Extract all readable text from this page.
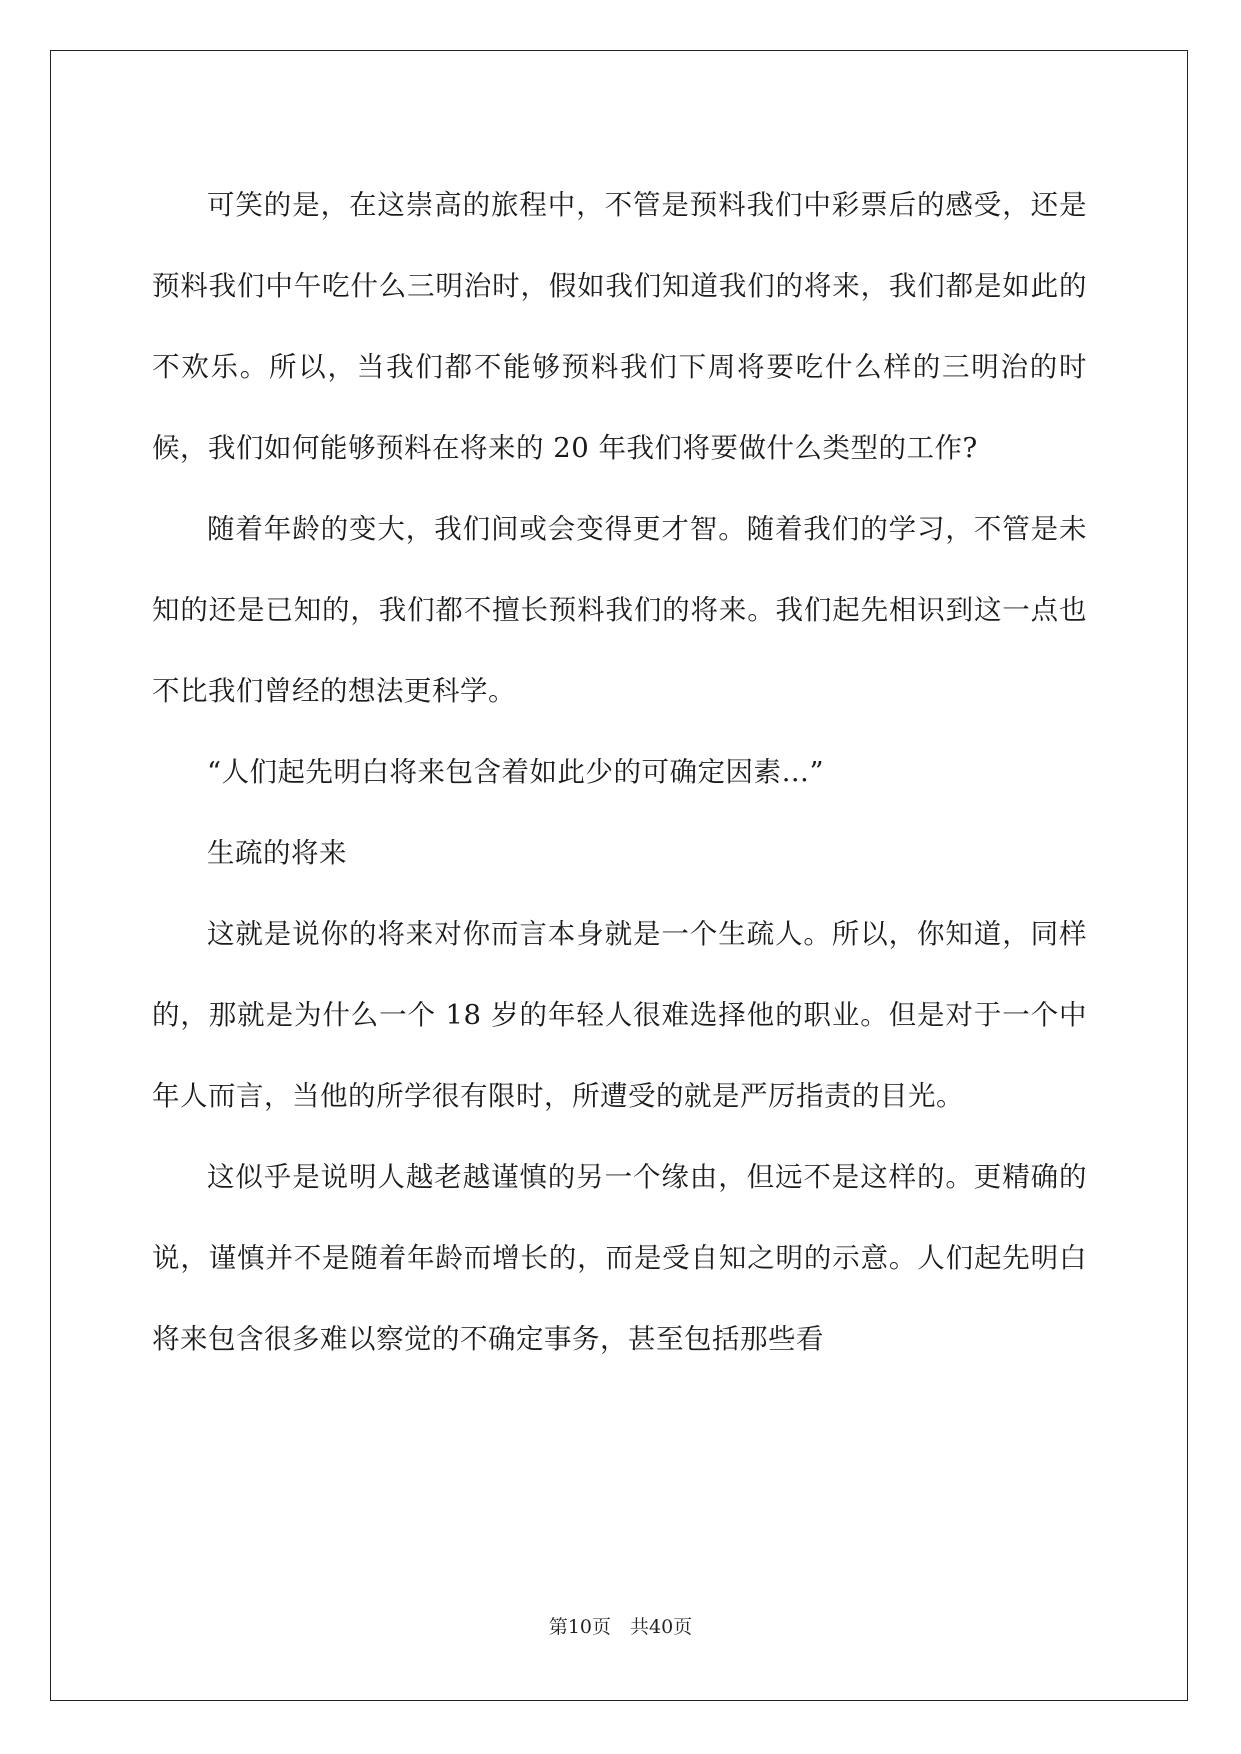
可笑的是，在这崇高的旅程中，不管是预料我们中彩票后的感受，还是预料我们中午吃什么三明治时，假如我们知道我们的将来，我们都是如此的不欢乐。所以，当我们都不能够预料我们下周将要吃什么样的三明治的时候，我们如何能够预料在将来的 20 年我们将要做什么类型的工作?

随着年龄的变大，我们间或会变得更才智。随着我们的学习，不管是未知的还是已知的，我们都不擅长预料我们的将来。我们起先相识到这一点也不比我们曾经的想法更科学。

“人们起先明白将来包含着如此少的可确定因素…”

生疏的将来

这就是说你的将来对你而言本身就是一个生疏人。所以，你知道，同样的，那就是为什么一个 18 岁的年轻人很难选择他的职业。但是对于一个中年人而言，当他的所学很有限时，所遭受的就是严厉指责的目光。

这似乎是说明人越老越谨慎的另一个缘由，但远不是这样的。更精确的说，谨慎并不是随着年龄而增长的，而是受自知之明的示意。人们起先明白将来包含很多难以察觉的不确定事务，甚至包括那些看

第10页　共40页
